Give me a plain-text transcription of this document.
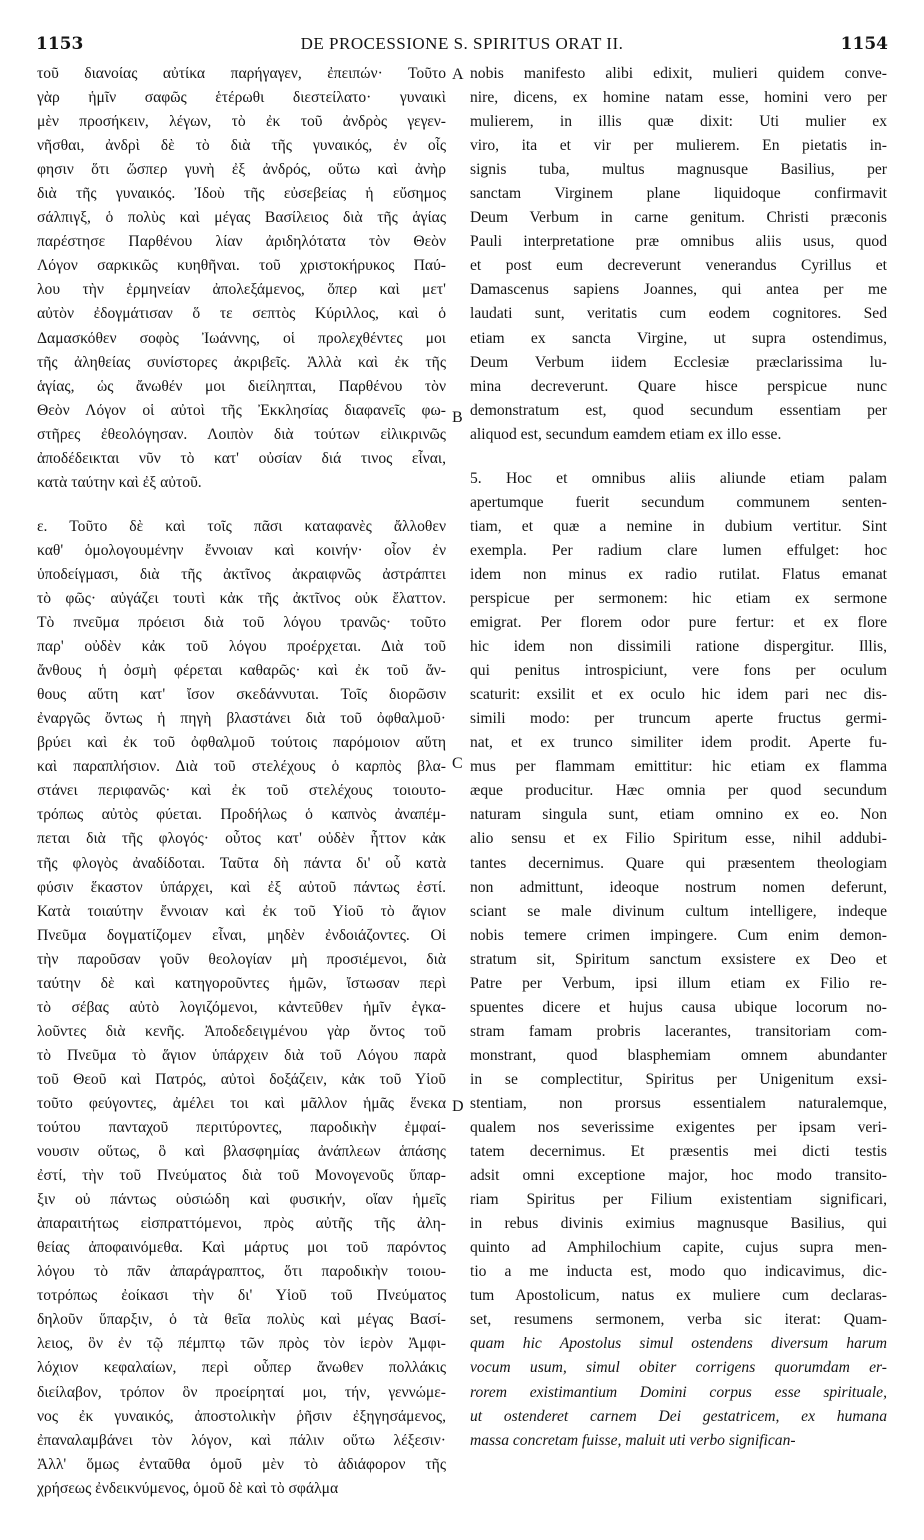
1153	DE PROCESSIONE S. SPIRITUS ORAT II.	1154
τοῦ διανοίας αὐτίκα παρήγαγεν, ἐπειπών· Τοῦτο
γὰρ ἡμῖν σαφῶς ἑτέρωθι διεστείλατο· γυναικὶ
μὲν προσήκειν, λέγων, τὸ ἐκ τοῦ ἀνδρὸς γεγεν-
νῆσθαι, ἀνδρὶ δὲ τὸ διὰ τῆς γυναικός, ἐν οἷς
φησιν ὅτι ὥσπερ γυνὴ ἐξ ἀνδρός, οὕτω καὶ ἀνὴρ
διὰ τῆς γυναικός. Ἰδοὺ τῆς εὐσεβείας ἡ εὔσημος
σάλπιγξ, ὁ πολὺς καὶ μέγας Βασίλειος διὰ τῆς ἁγίας
παρέστησε Παρθένου λίαν ἀριδηλότατα τὸν Θεὸν
Λόγον σαρκικῶς κυηθῆναι. τοῦ χριστοκήρυκος Παύ-
λου τὴν ἑρμηνείαν ἀπολεξάμενος, ὅπερ καὶ μετ'
αὐτὸν ἐδογμάτισαν ὅ τε σεπτὸς Κύριλλος, καὶ ὁ
Δαμασκόθεν σοφὸς Ἰωάννης, οἱ προλεχθέντες μοι
τῆς ἀληθείας συνίστορες ἀκριβεῖς. Ἀλλὰ καὶ ἐκ τῆς
ἁγίας, ὡς ἄνωθέν μοι διείληπται, Παρθένου τὸν
Θεὸν Λόγον οἱ αὐτοὶ τῆς Ἐκκλησίας διαφανεῖς φω-
στῆρες ἐθεολόγησαν. Λοιπὸν διὰ τούτων εἰλικρινῶς
ἀποδέδεικται νῦν τὸ κατ' οὐσίαν διά τινος εἶναι,
κατὰ ταύτην καὶ ἐξ αὐτοῦ.
ε. Τοῦτο δὲ καὶ τοῖς πᾶσι καταφανὲς ἄλλοθεν
καθ' ὁμολογουμένην ἔννοιαν καὶ κοινήν· οἷον ἐν
ὑποδείγμασι, διὰ τῆς ἀκτῖνος ἀκραιφνῶς ἀστράπτει
τὸ φῶς· αὐγάζει τουτὶ κἀκ τῆς ἀκτῖνος οὐκ ἔλαττον.
Τὸ πνεῦμα πρόεισι διὰ τοῦ λόγου τρανῶς· τοῦτο
παρ' οὐδὲν κἀκ τοῦ λόγου προέρχεται. Διὰ τοῦ
ἄνθους ἡ ὀσμὴ φέρεται καθαρῶς· καὶ ἐκ τοῦ ἄν-
θους αὕτη κατ' ἴσον σκεδάννυται. Τοῖς διορῶσιν
ἐναργῶς ὄντως ἡ πηγὴ βλαστάνει διὰ τοῦ ὀφθαλμοῦ·
βρύει καὶ ἐκ τοῦ ὀφθαλμοῦ τούτοις παρόμοιον αὕτη
καὶ παραπλήσιον. Διὰ τοῦ στελέχους ὁ καρπὸς βλα-
στάνει περιφανῶς· καὶ ἐκ τοῦ στελέχους τοιουτο-
τρόπως αὐτὸς φύεται. Προδήλως ὁ καπνὸς ἀναπέμ-
πεται διὰ τῆς φλογός· οὗτος κατ' οὐδὲν ἧττον κἀκ
τῆς φλογὸς ἀναδίδοται. Ταῦτα δὴ πάντα δι' οὗ κατὰ
φύσιν ἕκαστον ὑπάρχει, καὶ ἐξ αὐτοῦ πάντως ἐστί.
Κατὰ τοιαύτην ἔννοιαν καὶ ἐκ τοῦ Υἱοῦ τὸ ἅγιον
Πνεῦμα δογματίζομεν εἶναι, μηδὲν ἐνδοιάζοντες. Οἱ
τὴν παροῦσαν γοῦν θεολογίαν μὴ προσιέμενοι, διὰ
ταύτην δὲ καὶ κατηγοροῦντες ἡμῶν, ἴστωσαν περὶ
τὸ σέβας αὐτὸ λογιζόμενοι, κἀντεῦθεν ἡμῖν ἐγκα-
λοῦντες διὰ κενῆς. Ἀποδεδειγμένου γὰρ ὄντος τοῦ
τὸ Πνεῦμα τὸ ἅγιον ὑπάρχειν διὰ τοῦ Λόγου παρὰ
τοῦ Θεοῦ καὶ Πατρός, αὐτοὶ δοξάζειν, κἀκ τοῦ Υἱοῦ
τοῦτο φεύγοντες, ἀμέλει τοι καὶ μᾶλλον ἡμᾶς ἕνεκα
τούτου πανταχοῦ περιτύροντες, παροδικὴν ἐμφαί-
νουσιν οὕτως, ὃ καὶ βλασφημίας ἀνάπλεων ἁπάσης
ἐστί, τὴν τοῦ Πνεύματος διὰ τοῦ Μονογενοῦς ὕπαρ-
ξιν οὐ πάντως οὐσιώδη καὶ φυσικήν, οἵαν ἡμεῖς
ἀπαραιτήτως εἰσπραττόμενοι, πρὸς αὐτῆς τῆς ἀλη-
θείας ἀποφαινόμεθα. Καὶ μάρτυς μοι τοῦ παρόντος
λόγου τὸ πᾶν ἀπαράγραπτος, ὅτι παροδικὴν τοιου-
τοτρόπως ἐοίκασι τὴν δι' Υἱοῦ τοῦ Πνεύματος
δηλοῦν ὕπαρξιν, ὁ τὰ θεῖα πολὺς καὶ μέγας Βασί-
λειος, ὃν ἐν τῷ πέμπτῳ τῶν πρὸς τὸν ἱερὸν Ἀμφι-
λόχιον κεφαλαίων, περὶ οὗπερ ἄνωθεν πολλάκις
διείλαβον, τρόπον ὃν προείρηταί μοι, τήν, γεννώμε-
νος ἐκ γυναικός, ἀποστολικὴν ῥῆσιν ἐξηγησάμενος,
ἐπαναλαμβάνει τὸν λόγον, καὶ πάλιν οὕτω λέξεσιν·
Ἀλλ' ὅμως ἐνταῦθα ὁμοῦ μὲν τὸ ἀδιάφορον τῆς
χρήσεως ἐνδεικνύμενος, ὁμοῦ δὲ καὶ τὸ σφάλμα
nobis manifesto alibi edixit, mulieri quidem conve-
nire, dicens, ex homine natam esse, homini vero per
mulierem, in illis quæ dixit: Uti mulier ex
viro, ita et vir per mulierem. En pietatis in-
signis tuba, multus magnusque Basilius, per
sanctam Virginem plane liquidoque confirmavit
Deum Verbum in carne genitum. Christi præconis
Pauli interpretatione præ omnibus aliis usus, quod
et post eum decreverunt venerandus Cyrillus et
Damascenus sapiens Joannes, qui antea per me
laudati sunt, veritatis cum eodem cognitores. Sed
etiam ex sancta Virgine, ut supra ostendimus,
Deum Verbum iidem Ecclesiæ præclarissima lu-
mina decreverunt. Quare hisce perspicue nunc
demonstratum est, quod secundum essentiam per
aliquod est, secundum eamdem etiam ex illo esse.
5. Hoc et omnibus aliis aliunde etiam palam
apertumque fuerit secundum communem senten-
tiam, et quæ a nemine in dubium vertitur. Sint
exempla. Per radium clare lumen effulget: hoc
idem non minus ex radio rutilat. Flatus emanat
perspicue per sermonem: hic etiam ex sermone
emigrat. Per florem odor pure fertur: et ex flore
hic idem non dissimili ratione dispergitur. Illis,
qui penitus introspiciunt, vere fons per oculum
scaturit: exsilit et ex oculo hic idem pari nec dis-
simili modo: per truncum aperte fructus germi-
nat, et ex trunco similiter idem prodit. Aperte fu-
mus per flammam emittitur: hic etiam ex flamma
æque producitur. Hæc omnia per quod secundum
naturam singula sunt, etiam omnino ex eo. Non
alio sensu et ex Filio Spiritum esse, nihil addubi-
tantes decernimus. Quare qui præsentem theologiam
non admittunt, ideoque nostrum nomen deferunt,
sciant se male divinum cultum intelligere, indeque
nobis temere crimen impingere. Cum enim demon-
stratum sit, Spiritum sanctum exsistere ex Deo et
Patre per Verbum, ipsi illum etiam ex Filio re-
spuentes dicere et hujus causa ubique locorum no-
stram famam probris lacerantes, transitoriam com-
monstrant, quod blasphemiam omnem abundanter
in se complectitur, Spiritus per Unigenitum exsi-
stentiam, non prorsus essentialem naturalemque,
qualem nos severissime exigentes per ipsam veri-
tatem decernimus. Et præsentis mei dicti testis
adsit omni exceptione major, hoc modo transito-
riam Spiritus per Filium existentiam significari,
in rebus divinis eximius magnusque Basilius, qui
quinto ad Amphilochium capite, cujus supra men-
tio a me inducta est, modo quo indicavimus, dic-
tum Apostolicum, natus ex muliere cum declaras-
set, resumens sermonem, verba sic iterat: Quam-
quam hic Apostolus simul ostendens diversum harum
vocum usum, simul obiter corrigens quorumdam er-
rorem existimantium Domini corpus esse spirituale,
ut ostenderet carnem Dei gestatricem, ex humana
massa concretam fuisse, maluit uti verbo significan-
A
B
C
D
